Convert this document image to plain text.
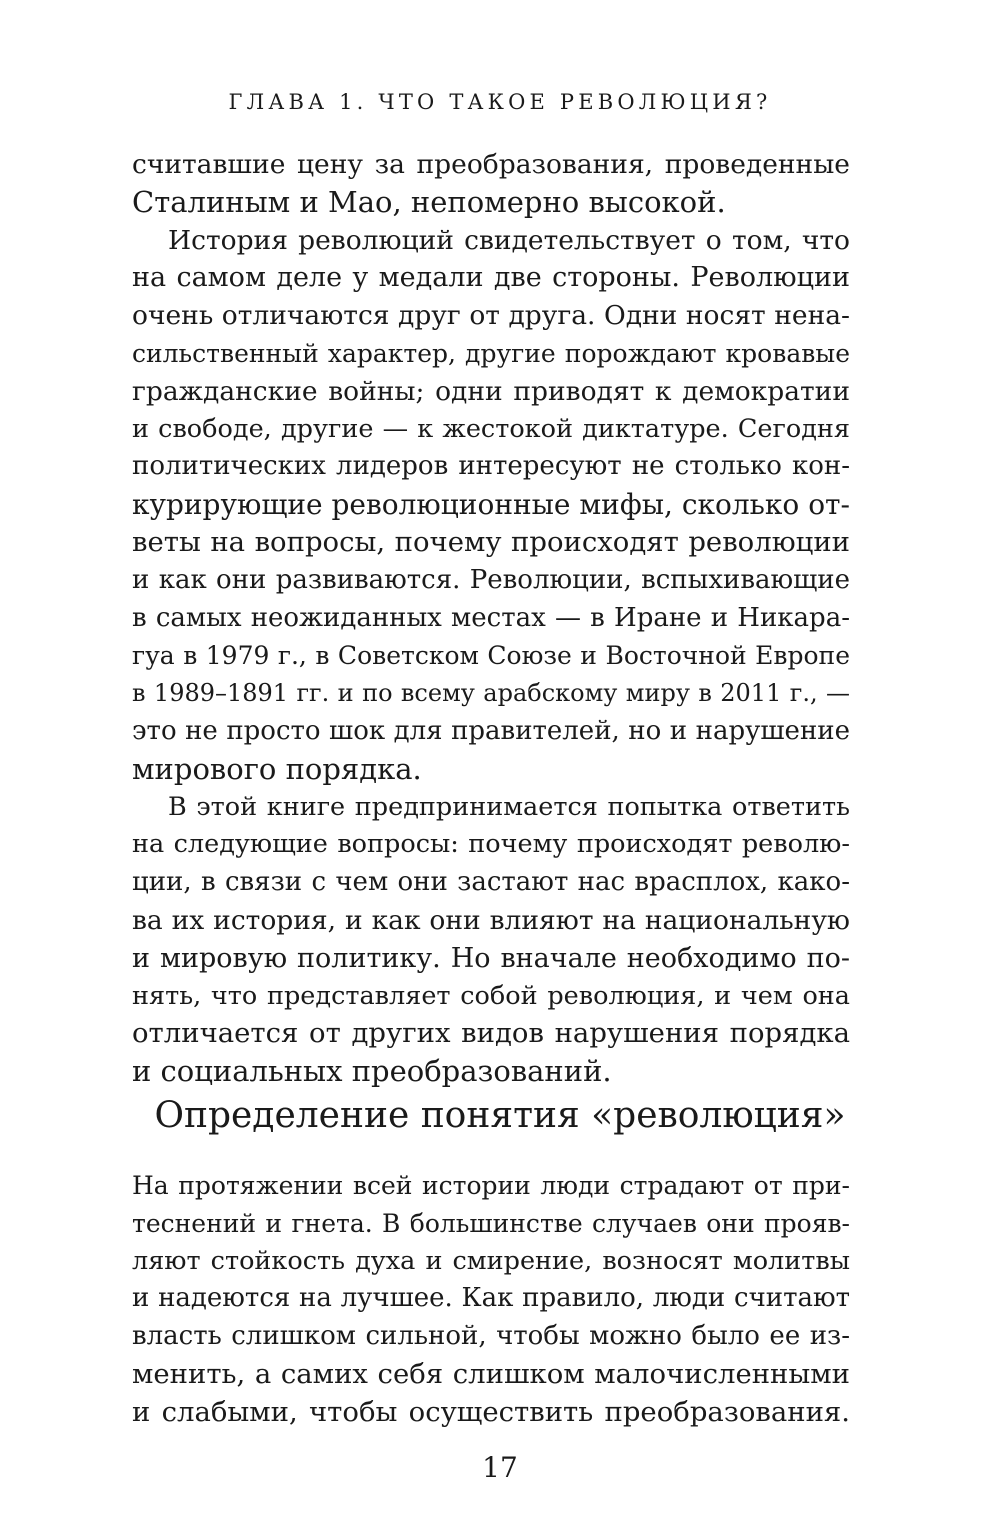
ГЛАВА 1. ЧТО ТАКОЕ РЕВОЛЮЦИЯ?

считавшие цену за преобразования, проведенные
Сталиным и Мао, непомерно высокой.

История революций свидетельствует о том, что
на самом деле у медали две стороны. Революции
очень отличаются друг от друга. Одни носят нена-
сильственный характер, другие порождают кровавые
гражданские войны; одни приводят к демократии
и свободе, другие — к жестокой диктатуре. Сегодня
политических лидеров интересуют не столько кон-
курирующие революционные мифы, сколько от-
веты на вопросы, почему происходят революции
и как они развиваются. Революции, вспыхивающие
в самых неожиданных местах — в Иране и Никара-
гуа в 1979 г., в Советском Союзе и Восточной Европе
в 1989–1891 гг. и по всему арабскому миру в 2011 г., —
это не просто шок для правителей, но и нарушение
мирового порядка.

В этой книге предпринимается попытка ответить
на следующие вопросы: почему происходят револю-
ции, в связи с чем они застают нас врасплох, како-
ва их история, и как они влияют на национальную
и мировую политику. Но вначале необходимо по-
нять, что представляет собой революция, и чем она
отличается от других видов нарушения порядка
и социальных преобразований.

Определение понятия «революция»

На протяжении всей истории люди страдают от при-
теснений и гнета. В большинстве случаев они прояв-
ляют стойкость духа и смирение, возносят молитвы
и надеются на лучшее. Как правило, люди считают
власть слишком сильной, чтобы можно было ее из-
менить, а самих себя слишком малочисленными
и слабыми, чтобы осуществить преобразования.

17
